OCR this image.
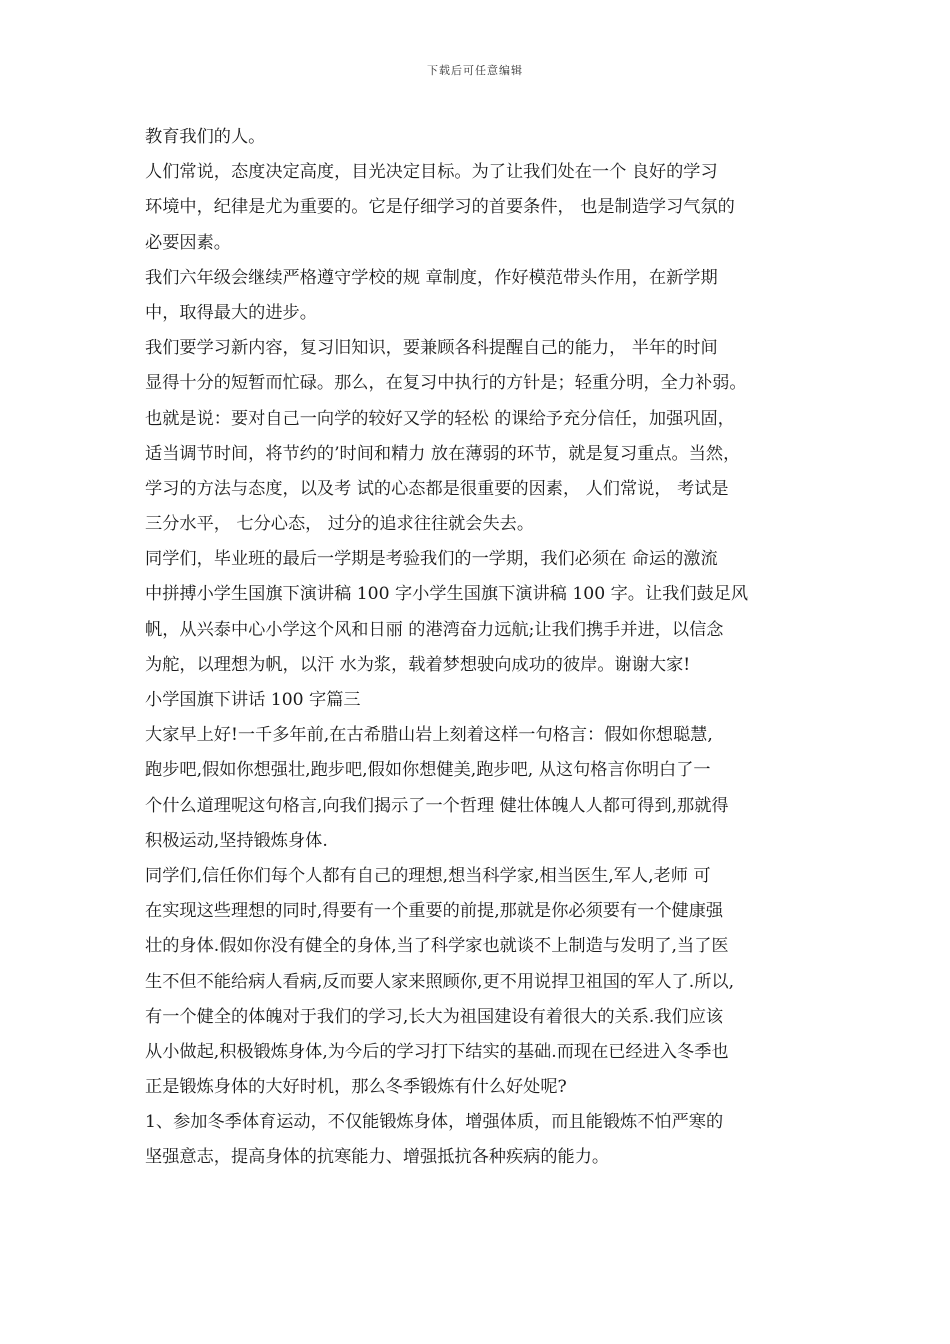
下载后可任意编辑
教育我们的人。
人们常说，态度决定高度，目光决定目标。为了让我们处在一个 良好的学习
环境中，纪律是尤为重要的。它是仔细学习的首要条件， 也是制造学习气氛的
必要因素。
我们六年级会继续严格遵守学校的规 章制度，作好模范带头作用，在新学期
中，取得最大的进步。
我们要学习新内容，复习旧知识，要兼顾各科提醒自己的能力， 半年的时间
显得十分的短暂而忙碌。那么，在复习中执行的方针是；轻重分明，全力补弱。
也就是说：要对自己一向学的较好又学的轻松 的课给予充分信任，加强巩固，
适当调节时间，将节约的’时间和精力 放在薄弱的环节，就是复习重点。当然，
学习的方法与态度，以及考 试的心态都是很重要的因素， 人们常说， 考试是
三分水平， 七分心态， 过分的追求往往就会失去。
同学们，毕业班的最后一学期是考验我们的一学期，我们必须在 命运的激流
中拼搏小学生国旗下演讲稿 100 字小学生国旗下演讲稿 100 字。让我们鼓足风
帆，从兴泰中心小学这个风和日丽 的港湾奋力远航;让我们携手并进，以信念
为舵，以理想为帆，以汗 水为浆，载着梦想驶向成功的彼岸。谢谢大家!
小学国旗下讲话 100 字篇三
大家早上好!一千多年前,在古希腊山岩上刻着这样一句格言：假如你想聪慧,
跑步吧,假如你想强壮,跑步吧,假如你想健美,跑步吧, 从这句格言你明白了一
个什么道理呢这句格言,向我们揭示了一个哲理 健壮体魄人人都可得到,那就得
积极运动,坚持锻炼身体.
同学们,信任你们每个人都有自己的理想,想当科学家,相当医生,军人,老师 可
在实现这些理想的同时,得要有一个重要的前提,那就是你必须要有一个健康强
壮的身体.假如你没有健全的身体,当了科学家也就谈不上制造与发明了,当了医
生不但不能给病人看病,反而要人家来照顾你,更不用说捍卫祖国的军人了.所以,
有一个健全的体魄对于我们的学习,长大为祖国建设有着很大的关系.我们应该
从小做起,积极锻炼身体,为今后的学习打下结实的基础.而现在已经进入冬季也
正是锻炼身体的大好时机，那么冬季锻炼有什么好处呢?
1、参加冬季体育运动，不仅能锻炼身体，增强体质，而且能锻炼不怕严寒的
坚强意志，提高身体的抗寒能力、增强抵抗各种疾病的能力。
